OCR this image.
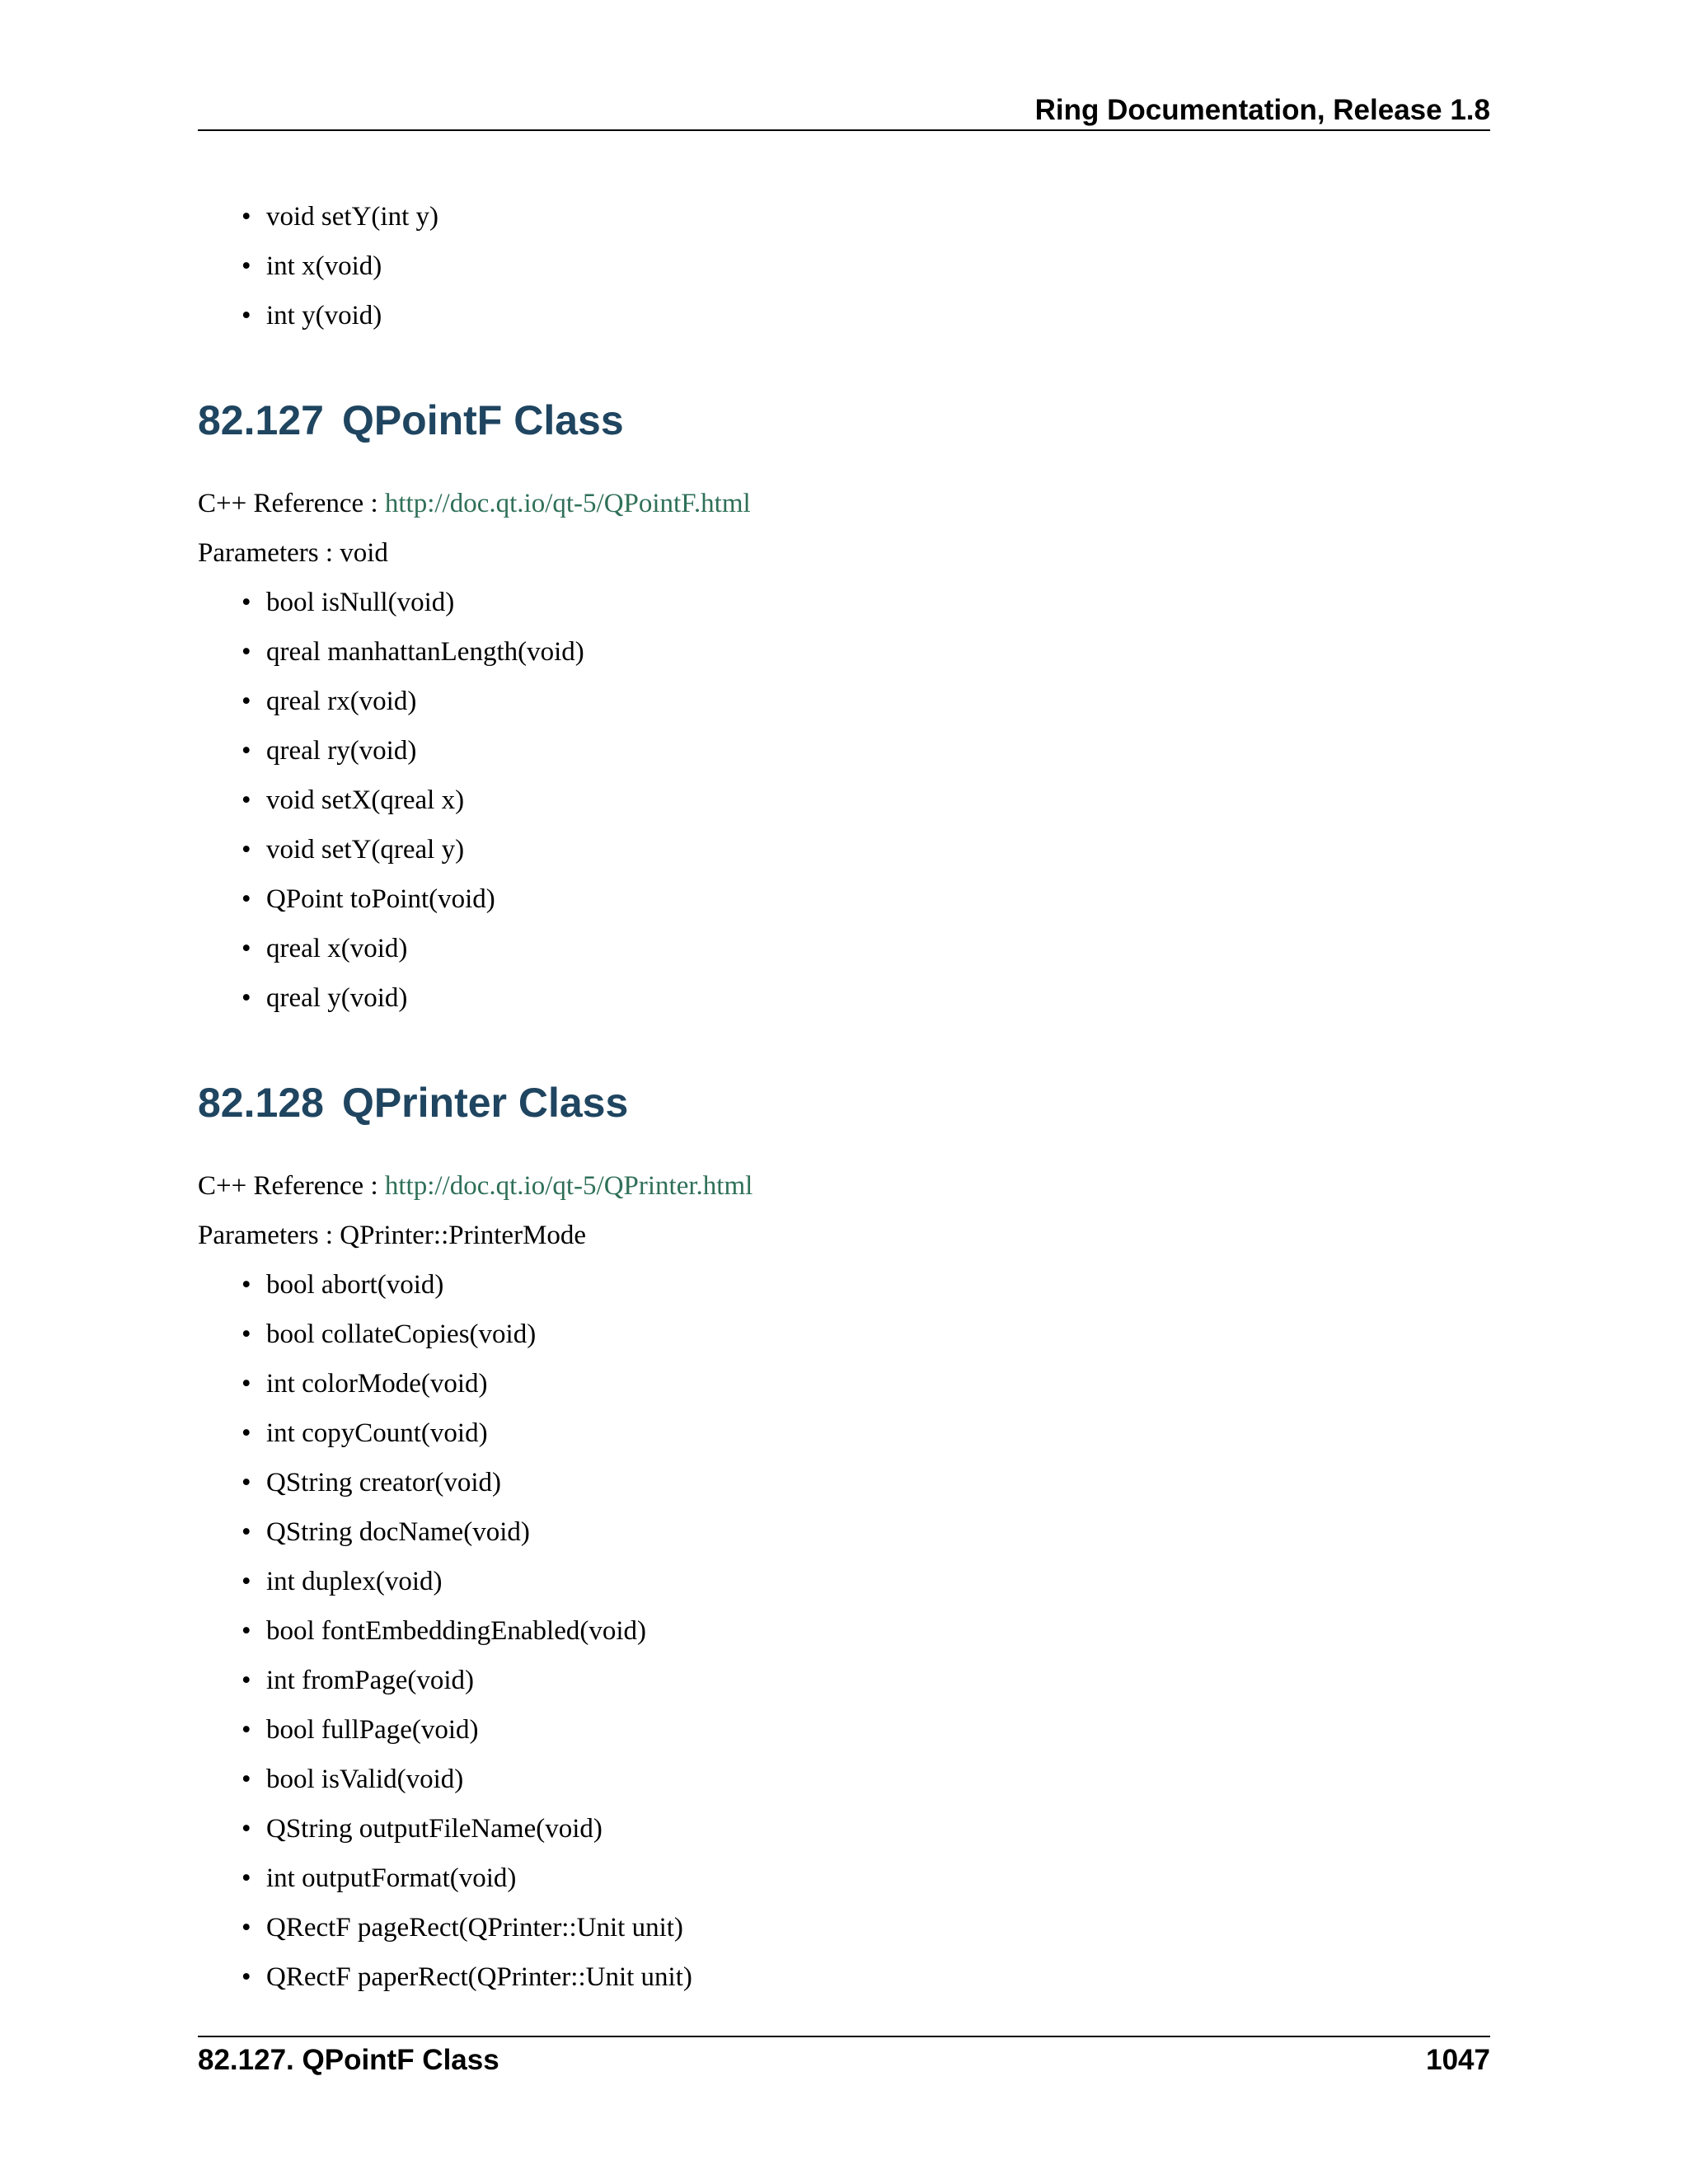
Ring Documentation, Release 1.8
• void setY(int y)
• int x(void)
• int y(void)
82.127 QPointF Class
C++ Reference : http://doc.qt.io/qt-5/QPointF.html
Parameters : void
• bool isNull(void)
• qreal manhattanLength(void)
• qreal rx(void)
• qreal ry(void)
• void setX(qreal x)
• void setY(qreal y)
• QPoint toPoint(void)
• qreal x(void)
• qreal y(void)
82.128 QPrinter Class
C++ Reference : http://doc.qt.io/qt-5/QPrinter.html
Parameters : QPrinter::PrinterMode
• bool abort(void)
• bool collateCopies(void)
• int colorMode(void)
• int copyCount(void)
• QString creator(void)
• QString docName(void)
• int duplex(void)
• bool fontEmbeddingEnabled(void)
• int fromPage(void)
• bool fullPage(void)
• bool isValid(void)
• QString outputFileName(void)
• int outputFormat(void)
• QRectF pageRect(QPrinter::Unit unit)
• QRectF paperRect(QPrinter::Unit unit)
82.127. QPointF Class	1047
